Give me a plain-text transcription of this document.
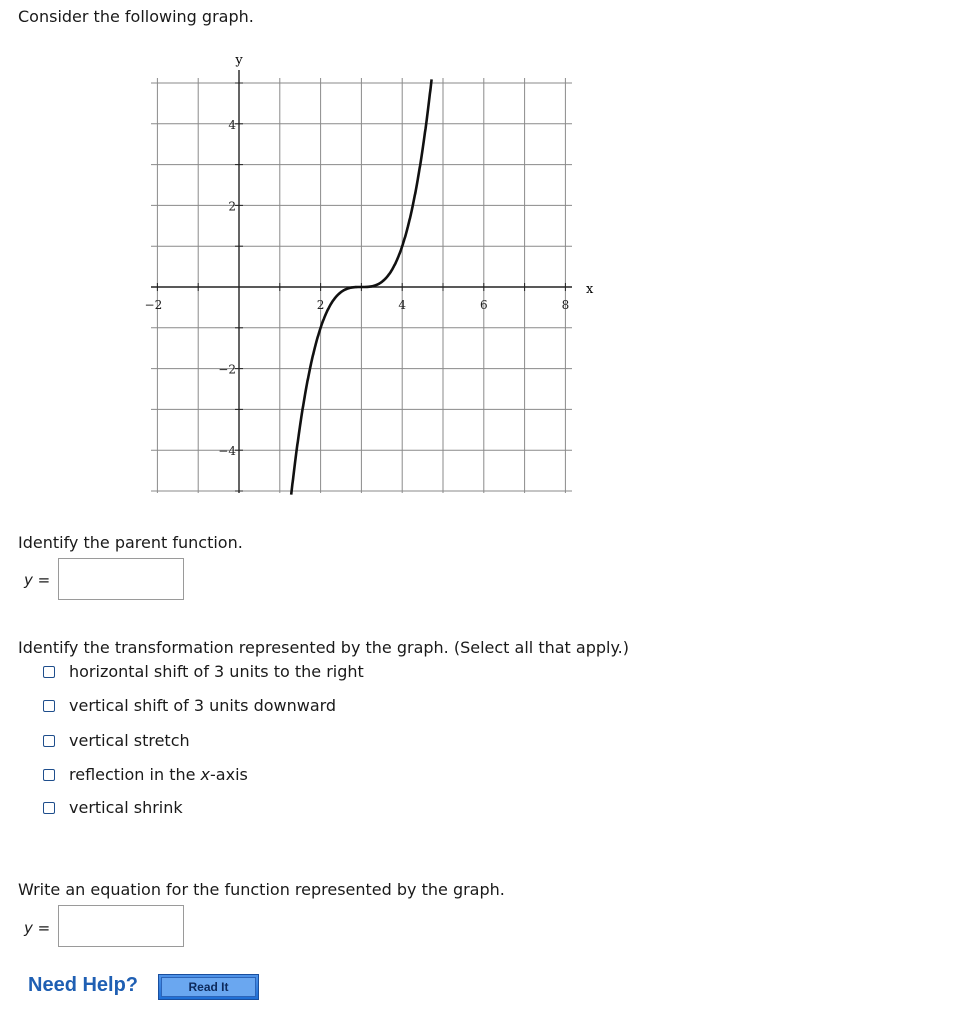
Consider the following graph.
−2	2	4	6	8
4
2
−2
−4
x
y
Identify the parent function.
y =
Identify the transformation represented by the graph. (Select all that apply.)
horizontal shift of 3 units to the right
vertical shift of 3 units downward
vertical stretch
reflection in the x-axis
vertical shrink
Write an equation for the function represented by the graph.
y =
Need Help?	Read It
